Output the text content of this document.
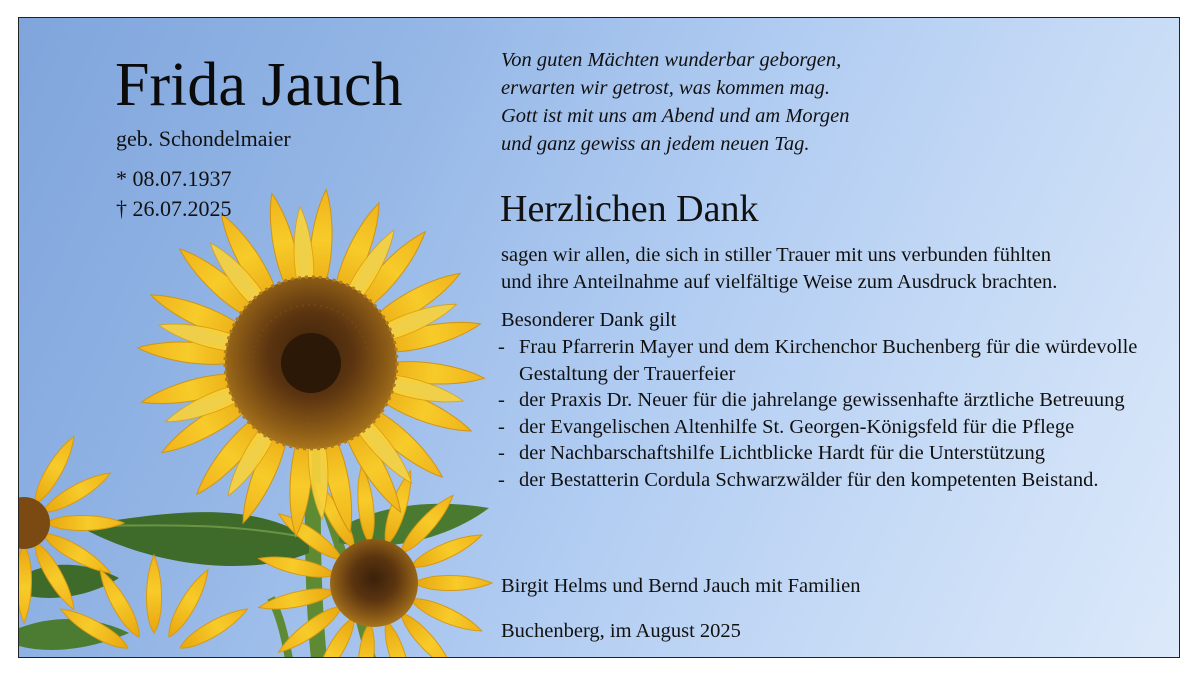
Frida Jauch
geb. Schondelmaier
* 08.07.1937
† 26.07.2025
Von guten Mächten wunderbar geborgen,
erwarten wir getrost, was kommen mag.
Gott ist mit uns am Abend und am Morgen
und ganz gewiss an jedem neuen Tag.
Herzlichen Dank
sagen wir allen, die sich in stiller Trauer mit uns verbunden fühlten
und ihre Anteilnahme auf vielfältige Weise zum Ausdruck brachten.
Besonderer Dank gilt
- Frau Pfarrerin Mayer und dem Kirchenchor Buchenberg für die würdevolle Gestaltung der Trauerfeier
- der Praxis Dr. Neuer für die jahrelange gewissenhafte ärztliche Betreuung
- der Evangelischen Altenhilfe St. Georgen-Königsfeld für die Pflege
- der Nachbarschaftshilfe Lichtblicke Hardt für die Unterstützung
- der Bestatterin Cordula Schwarzwälder für den kompetenten Beistand.
Birgit Helms und Bernd Jauch mit Familien
Buchenberg, im August 2025
